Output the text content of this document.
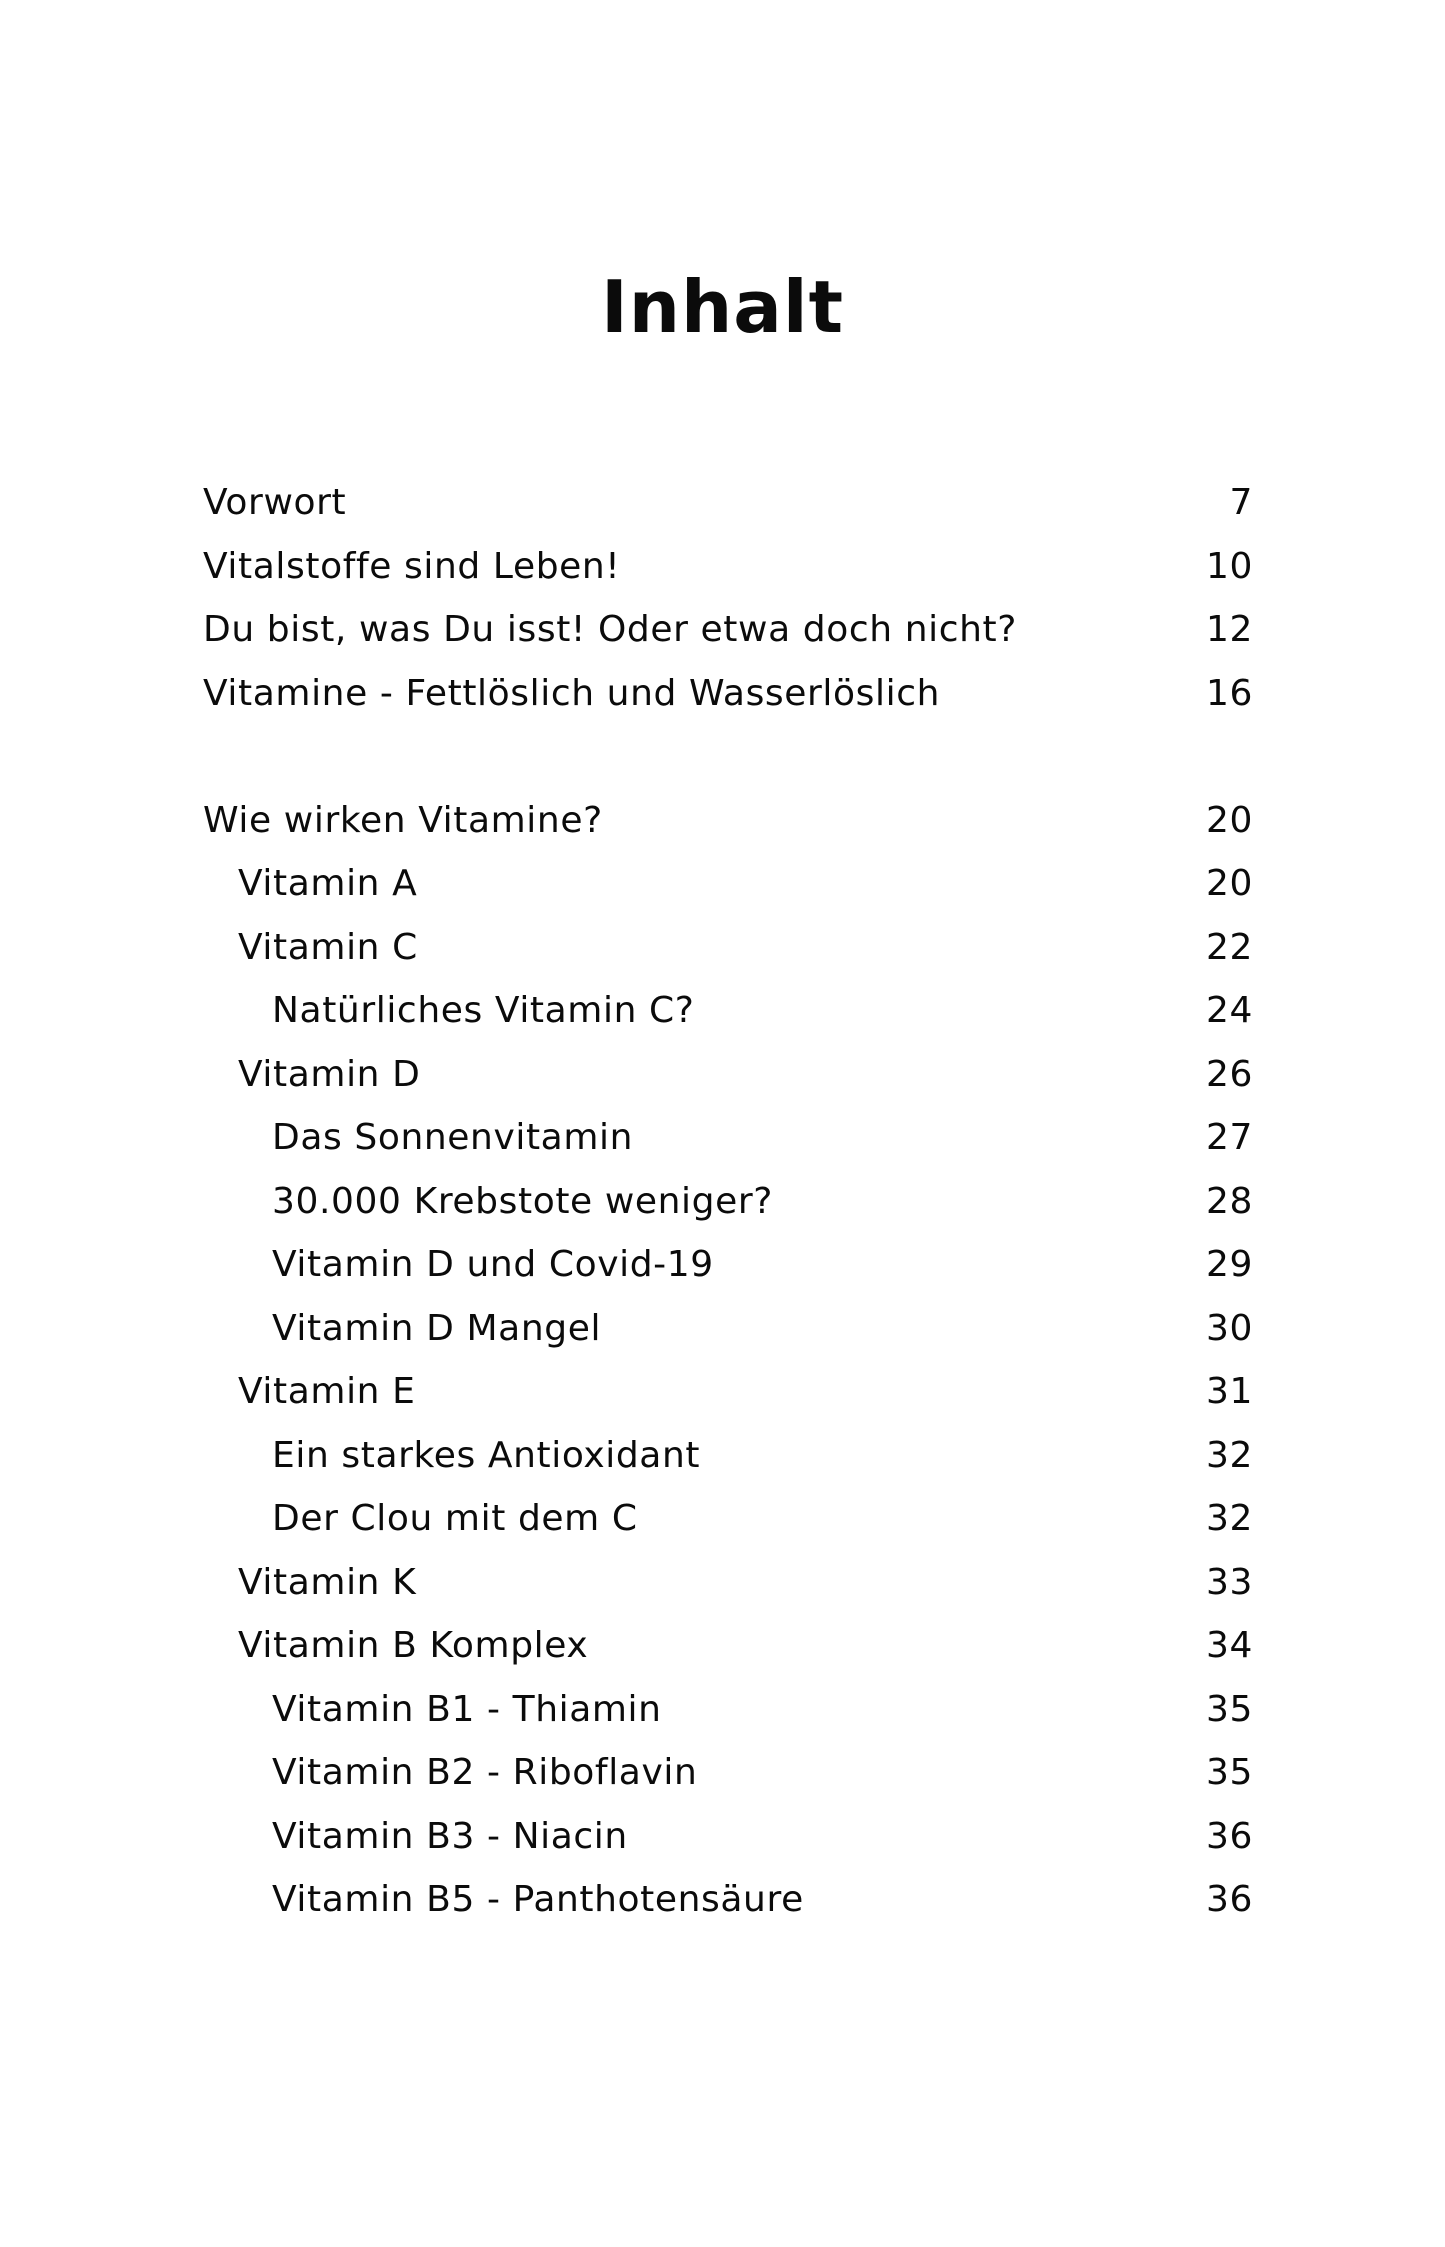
Inhalt
Vorwort	7
Vitalstoffe sind Leben!	10
Du bist, was Du isst! Oder etwa doch nicht?	12
Vitamine - Fettlöslich und Wasserlöslich	16
Wie wirken Vitamine?	20
Vitamin A	20
Vitamin C	22
Natürliches Vitamin C?	24
Vitamin D	26
Das Sonnenvitamin	27
30.000 Krebstote weniger?	28
Vitamin D und Covid-19	29
Vitamin D Mangel	30
Vitamin E	31
Ein starkes Antioxidant	32
Der Clou mit dem C	32
Vitamin K	33
Vitamin B Komplex	34
Vitamin B1 - Thiamin	35
Vitamin B2 - Riboflavin	35
Vitamin B3 - Niacin	36
Vitamin B5 - Panthotensäure	36
